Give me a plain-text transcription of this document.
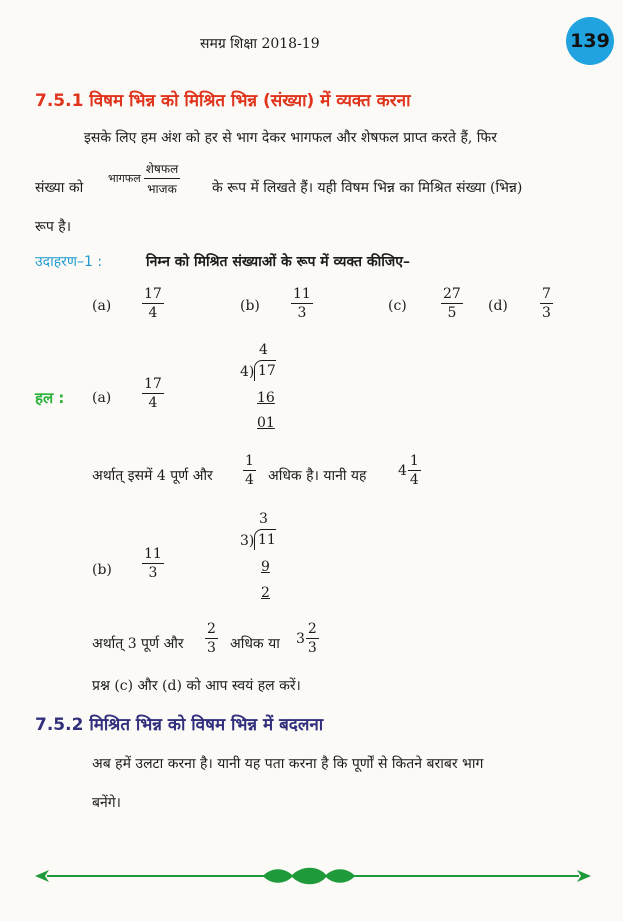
समग्र शिक्षा 2018-19	139
7.5.1 विषम भिन्न को मिश्रित भिन्न (संख्या) में व्यक्त करना
इसके लिए हम अंश को हर से भाग देकर भागफल और शेषफल प्राप्त करते हैं, फिर
संख्या को
भागफल $\frac{\text{शेषफल}}{\text{भाजक}}$ के रूप में लिखते हैं। यही विषम भिन्न का मिश्रित संख्या (भिन्न)
रूप है।
उदाहरण–1 :	निम्न को मिश्रित संख्याओं के रूप में व्यक्त कीजिए–
$(a) \frac{17}{4}$	$(b) \frac{11}{3}$	$(c) \frac{27}{5} (d) \frac{7}{3}$
हल : $(a) \frac{17}{4}$
4
4) 17
16
01
अर्थात् इसमें 4 पूर्ण और $\frac{1}{4}$ अधिक है। यानी यह $4 \frac{1}{4}$
$(b) \frac{11}{3}$
3
3) 11
9
2
अर्थात् 3 पूर्ण और $\frac{2}{3}$ अधिक या $3 \frac{2}{3}$
प्रश्न (c) और (d) को आप स्वयं हल करें।
7.5.2 मिश्रित भिन्न को विषम भिन्न में बदलना
अब हमें उलटा करना है। यानी यह पता करना है कि पूर्णों से कितने बराबर भाग
बनेंगे।
